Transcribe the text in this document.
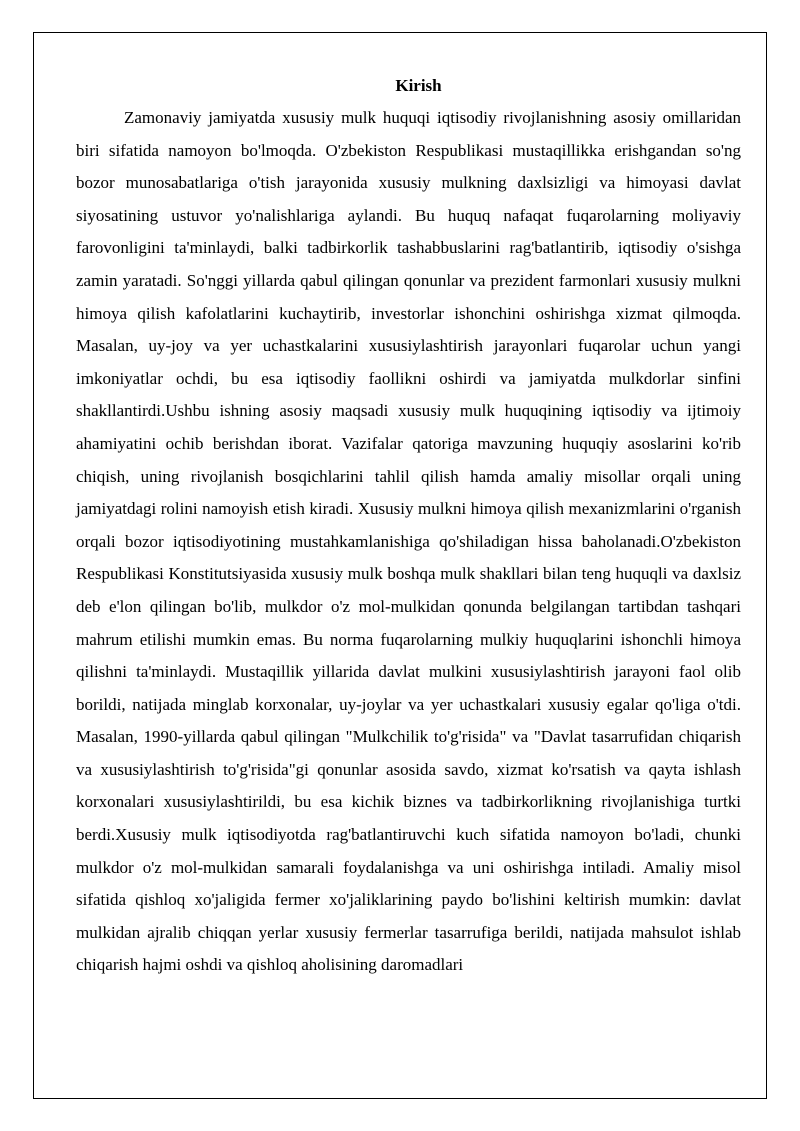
Kirish

Zamonaviy jamiyatda xususiy mulk huquqi iqtisodiy rivojlanishning asosiy omillaridan biri sifatida namoyon bo'lmoqda. O'zbekiston Respublikasi mustaqillikka erishgandan so'ng bozor munosabatlariga o'tish jarayonida xususiy mulkning daxlsizligi va himoyasi davlat siyosatining ustuvor yo'nalishlariga aylandi. Bu huquq nafaqat fuqarolarning moliyaviy farovonligini ta'minlaydi, balki tadbirkorlik tashabbuslarini rag'batlantirib, iqtisodiy o'sishga zamin yaratadi. So'nggi yillarda qabul qilingan qonunlar va prezident farmonlari xususiy mulkni himoya qilish kafolatlarini kuchaytirib, investorlar ishonchini oshirishga xizmat qilmoqda. Masalan, uy-joy va yer uchastkalarini xususiylashtirish jarayonlari fuqarolar uchun yangi imkoniyatlar ochdi, bu esa iqtisodiy faollikni oshirdi va jamiyatda mulkdorlar sinfini shakllantirdi.Ushbu ishning asosiy maqsadi xususiy mulk huquqining iqtisodiy va ijtimoiy ahamiyatini ochib berishdan iborat. Vazifalar qatoriga mavzuning huquqiy asoslarini ko'rib chiqish, uning rivojlanish bosqichlarini tahlil qilish hamda amaliy misollar orqali uning jamiyatdagi rolini namoyish etish kiradi. Xususiy mulkni himoya qilish mexanizmlarini o'rganish orqali bozor iqtisodiyotining mustahkamlanishiga qo'shiladigan hissa baholanadi.O'zbekiston Respublikasi Konstitutsiyasida xususiy mulk boshqa mulk shakllari bilan teng huquqli va daxlsiz deb e'lon qilingan bo'lib, mulkdor o'z mol-mulkidan qonunda belgilangan tartibdan tashqari mahrum etilishi mumkin emas. Bu norma fuqarolarning mulkiy huquqlarini ishonchli himoya qilishni ta'minlaydi. Mustaqillik yillarida davlat mulkini xususiylashtirish jarayoni faol olib borildi, natijada minglab korxonalar, uy-joylar va yer uchastkalari xususiy egalar qo'liga o'tdi. Masalan, 1990-yillarda qabul qilingan "Mulkchilik to'g'risida" va "Davlat tasarrufidan chiqarish va xususiylashtirish to'g'risida"gi qonunlar asosida savdo, xizmat ko'rsatish va qayta ishlash korxonalari xususiylashtirildi, bu esa kichik biznes va tadbirkorlikning rivojlanishiga turtki berdi.Xususiy mulk iqtisodiyotda rag'batlantiruvchi kuch sifatida namoyon bo'ladi, chunki mulkdor o'z mol-mulkidan samarali foydalanishga va uni oshirishga intiladi. Amaliy misol sifatida qishloq xo'jaligida fermer xo'jaliklarining paydo bo'lishini keltirish mumkin: davlat mulkidan ajralib chiqqan yerlar xususiy fermerlar tasarrufiga berildi, natijada mahsulot ishlab chiqarish hajmi oshdi va qishloq aholisining daromadlari
